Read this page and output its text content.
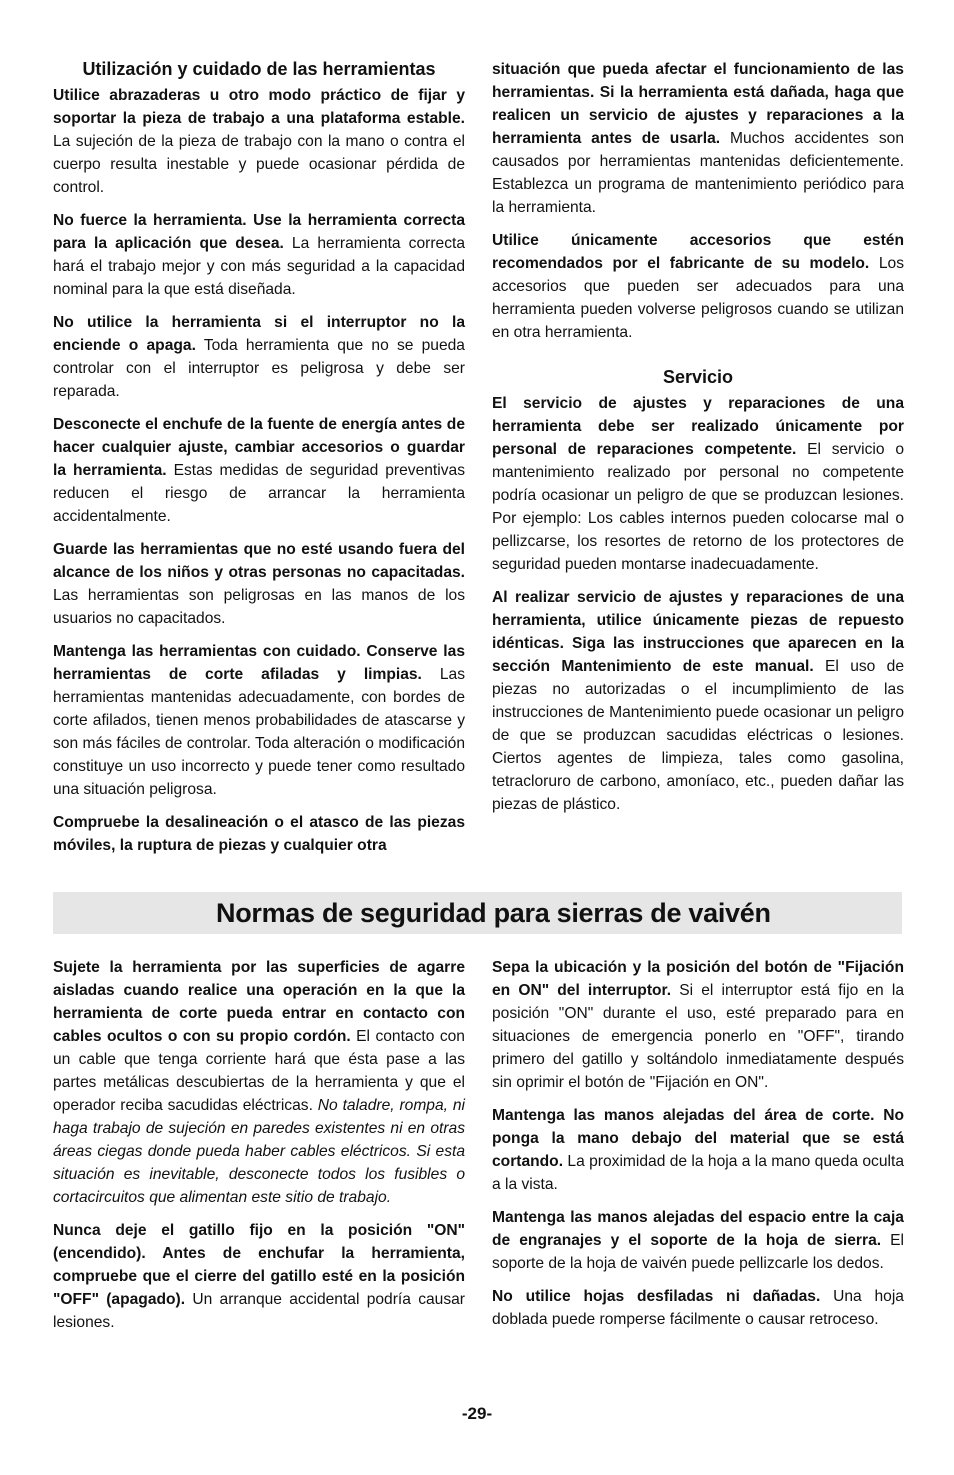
Utilización y cuidado de las herramientas

Utilice abrazaderas u otro modo práctico de fijar y soportar la pieza de trabajo a una plataforma estable. La sujeción de la pieza de trabajo con la mano o contra el cuerpo resulta inestable y puede ocasionar pérdida de control.

No fuerce la herramienta. Use la herramienta correcta para la aplicación que desea. La herramienta correcta hará el trabajo mejor y con más seguridad a la capacidad nominal para la que está diseñada.

No utilice la herramienta si el interruptor no la enciende o apaga. Toda herramienta que no se pueda controlar con el interruptor es peligrosa y debe ser reparada.

Desconecte el enchufe de la fuente de energía antes de hacer cualquier ajuste, cambiar accesorios o guardar la herramienta. Estas medidas de seguridad preventivas reducen el riesgo de arrancar la herramienta accidentalmente.

Guarde las herramientas que no esté usando fuera del alcance de los niños y otras personas no capacitadas. Las herramientas son peligrosas en las manos de los usuarios no capacitados.

Mantenga las herramientas con cuidado. Conserve las herramientas de corte afiladas y limpias. Las herramientas mantenidas adecuadamente, con bordes de corte afilados, tienen menos probabilidades de atascarse y son más fáciles de controlar. Toda alteración o modificación constituye un uso incorrecto y puede tener como resultado una situación peligrosa.

Compruebe la desalineación o el atasco de las piezas móviles, la ruptura de piezas y cualquier otra

situación que pueda afectar el funcionamiento de las herramientas. Si la herramienta está dañada, haga que realicen un servicio de ajustes y reparaciones a la herramienta antes de usarla. Muchos accidentes son causados por herramientas mantenidas deficientemente. Establezca un programa de mantenimiento periódico para la herramienta.

Utilice únicamente accesorios que estén recomendados por el fabricante de su modelo. Los accesorios que pueden ser adecuados para una herramienta pueden volverse peligrosos cuando se utilizan en otra herramienta.

Servicio

El servicio de ajustes y reparaciones de una herramienta debe ser realizado únicamente por personal de reparaciones competente. El servicio o mantenimiento realizado por personal no competente podría ocasionar un peligro de que se produzcan lesiones. Por ejemplo: Los cables internos pueden colocarse mal o pellizcarse, los resortes de retorno de los protectores de seguridad pueden montarse inadecuadamente.

Al realizar servicio de ajustes y reparaciones de una herramienta, utilice únicamente piezas de repuesto idénticas. Siga las instrucciones que aparecen en la sección Mantenimiento de este manual. El uso de piezas no autorizadas o el incumplimiento de las instrucciones de Mantenimiento puede ocasionar un peligro de que se produzcan sacudidas eléctricas o lesiones. Ciertos agentes de limpieza, tales como gasolina, tetracloruro de carbono, amoníaco, etc., pueden dañar las piezas de plástico.

Normas de seguridad para sierras de vaivén

Sujete la herramienta por las superficies de agarre aisladas cuando realice una operación en la que la herramienta de corte pueda entrar en contacto con cables ocultos o con su propio cordón. El contacto con un cable que tenga corriente hará que ésta pase a las partes metálicas descubiertas de la herramienta y que el operador reciba sacudidas eléctricas. No taladre, rompa, ni haga trabajo de sujeción en paredes existentes ni en otras áreas ciegas donde pueda haber cables eléctricos. Si esta situación es inevitable, desconecte todos los fusibles o cortacircuitos que alimentan este sitio de trabajo.

Nunca deje el gatillo fijo en la posición "ON" (encendido). Antes de enchufar la herramienta, compruebe que el cierre del gatillo esté en la posición "OFF" (apagado). Un arranque accidental podría causar lesiones.

Sepa la ubicación y la posición del botón de "Fijación en ON" del interruptor. Si el interruptor está fijo en la posición "ON" durante el uso, esté preparado para en situaciones de emergencia ponerlo en "OFF", tirando primero del gatillo y soltándolo inmediatamente después sin oprimir el botón de "Fijación en ON".

Mantenga las manos alejadas del área de corte. No ponga la mano debajo del material que se está cortando. La proximidad de la hoja a la mano queda oculta a la vista.

Mantenga las manos alejadas del espacio entre la caja de engranajes y el soporte de la hoja de sierra. El soporte de la hoja de vaivén puede pellizcarle los dedos.

No utilice hojas desfiladas ni dañadas. Una hoja doblada puede romperse fácilmente o causar retroceso.

-29-
